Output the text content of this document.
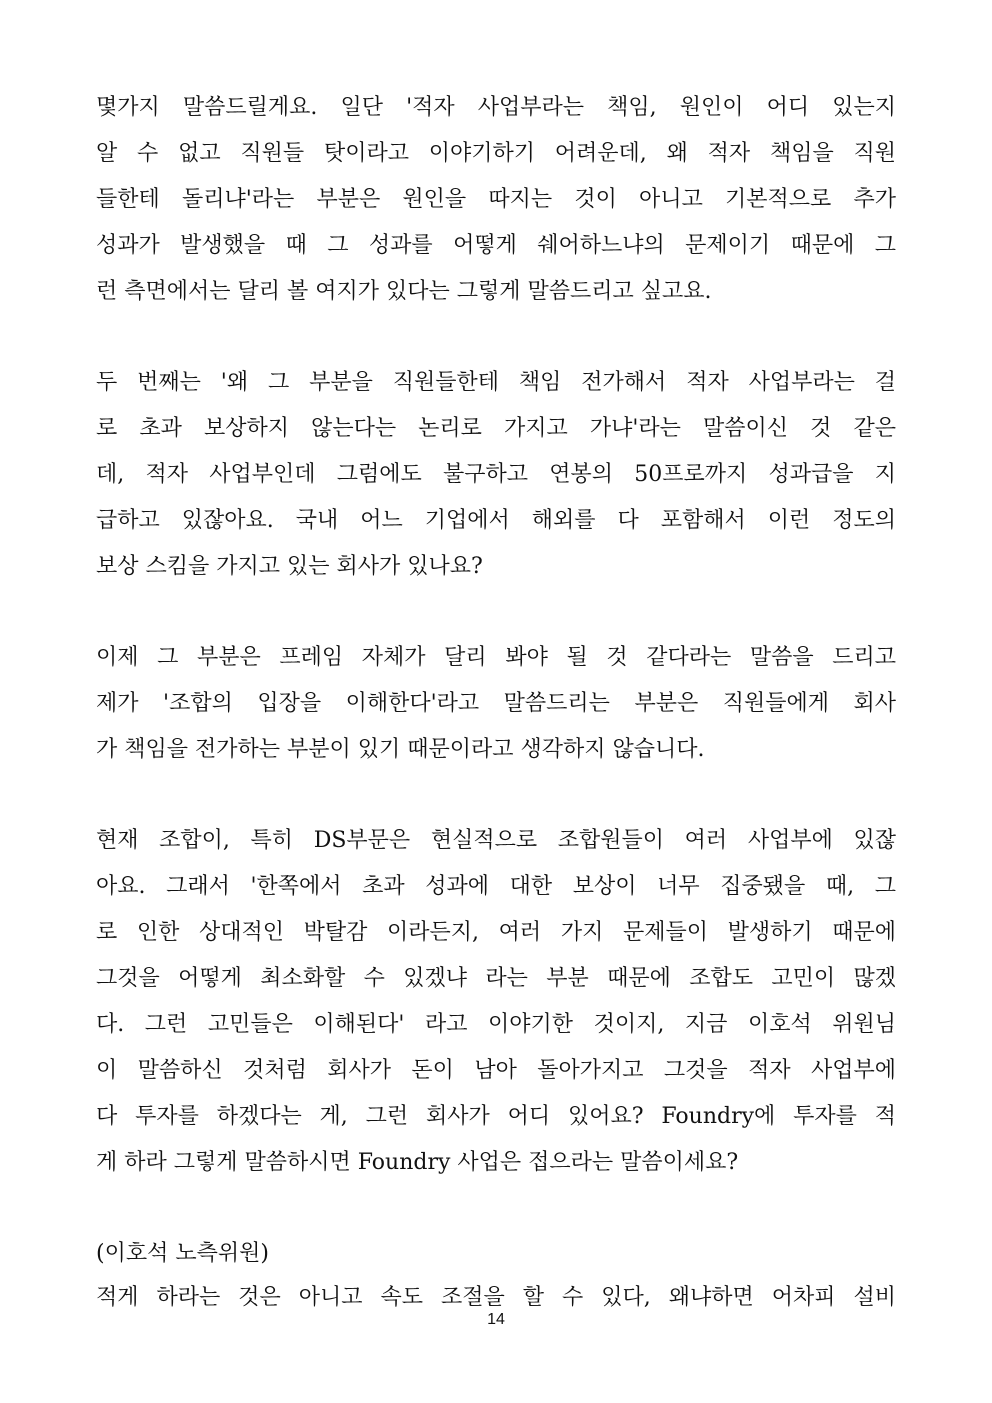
몇가지 말씀드릴게요. 일단 '적자 사업부라는 책임, 원인이 어디 있는지
알 수 없고 직원들 탓이라고 이야기하기 어려운데, 왜 적자 책임을 직원
들한테 돌리냐'라는 부분은 원인을 따지는 것이 아니고 기본적으로 추가
성과가 발생했을 때 그 성과를 어떻게 쉐어하느냐의 문제이기 때문에 그
런 측면에서는 달리 볼 여지가 있다는 그렇게 말씀드리고 싶고요.
두 번째는 '왜 그 부분을 직원들한테 책임 전가해서 적자 사업부라는 걸
로 초과 보상하지 않는다는 논리로 가지고 가냐'라는 말씀이신 것 같은
데, 적자 사업부인데 그럼에도 불구하고 연봉의 50프로까지 성과급을 지
급하고 있잖아요. 국내 어느 기업에서 해외를 다 포함해서 이런 정도의
보상 스킴을 가지고 있는 회사가 있나요?
이제 그 부분은 프레임 자체가 달리 봐야 될 것 같다라는 말씀을 드리고
제가 '조합의 입장을 이해한다'라고 말씀드리는 부분은 직원들에게 회사
가 책임을 전가하는 부분이 있기 때문이라고 생각하지 않습니다.
현재 조합이, 특히 DS부문은 현실적으로 조합원들이 여러 사업부에 있잖
아요. 그래서 '한쪽에서 초과 성과에 대한 보상이 너무 집중됐을 때, 그
로 인한 상대적인 박탈감 이라든지, 여러 가지 문제들이 발생하기 때문에
그것을 어떻게 최소화할 수 있겠냐 라는 부분 때문에 조합도 고민이 많겠
다. 그런 고민들은 이해된다' 라고 이야기한 것이지, 지금 이호석 위원님
이 말씀하신 것처럼 회사가 돈이 남아 돌아가지고 그것을 적자 사업부에
다 투자를 하겠다는 게, 그런 회사가 어디 있어요? Foundry에 투자를 적
게 하라 그렇게 말씀하시면 Foundry 사업은 접으라는 말씀이세요?
(이호석 노측위원)
적게 하라는 것은 아니고 속도 조절을 할 수 있다, 왜냐하면 어차피 설비
14
